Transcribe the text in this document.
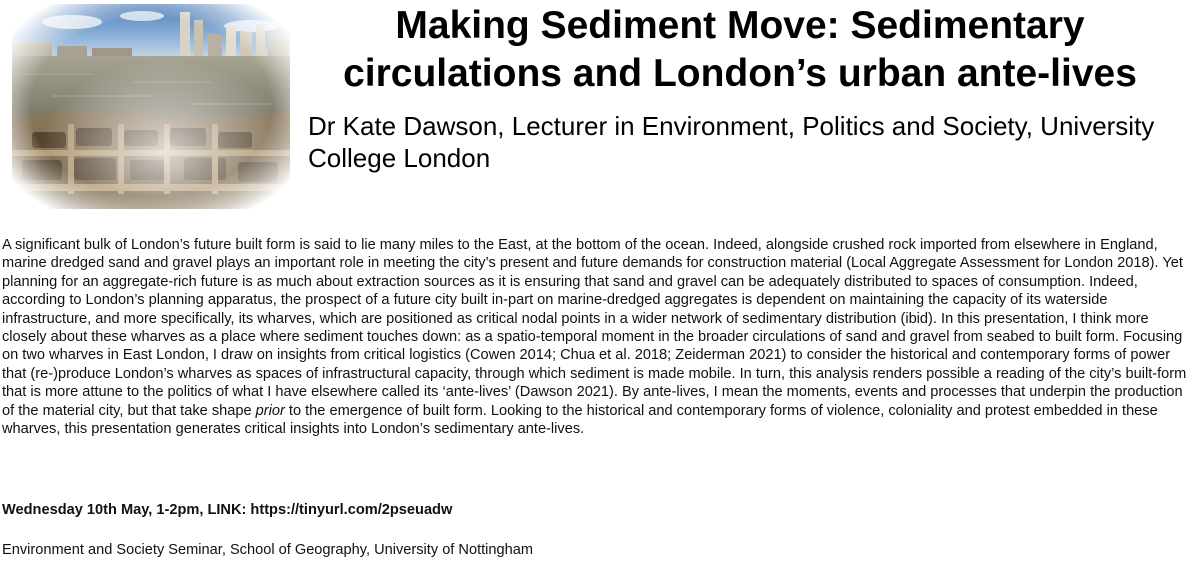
Making Sediment Move: Sedimentary circulations and London’s urban ante-lives

Dr Kate Dawson, Lecturer in Environment, Politics and Society, University College London

A significant bulk of London’s future built form is said to lie many miles to the East, at the bottom of the ocean. Indeed, alongside crushed rock imported from elsewhere in England, marine dredged sand and gravel plays an important role in meeting the city’s present and future demands for construction material (Local Aggregate Assessment for London 2018). Yet planning for an aggregate-rich future is as much about extraction sources as it is ensuring that sand and gravel can be adequately distributed to spaces of consumption. Indeed, according to London’s planning apparatus, the prospect of a future city built in-part on marine-dredged aggregates is dependent on maintaining the capacity of its waterside infrastructure, and more specifically, its wharves, which are positioned as critical nodal points in a wider network of sedimentary distribution (ibid). In this presentation, I think more closely about these wharves as a place where sediment touches down: as a spatio-temporal moment in the broader circulations of sand and gravel from seabed to built form. Focusing on two wharves in East London, I draw on insights from critical logistics (Cowen 2014; Chua et al. 2018; Zeiderman 2021) to consider the historical and contemporary forms of power that (re-)produce London’s wharves as spaces of infrastructural capacity, through which sediment is made mobile. In turn, this analysis renders possible a reading of the city’s built-form that is more attune to the politics of what I have elsewhere called its ‘ante-lives’ (Dawson 2021). By ante-lives, I mean the moments, events and processes that underpin the production of the material city, but that take shape prior to the emergence of built form. Looking to the historical and contemporary forms of violence, coloniality and protest embedded in these wharves, this presentation generates critical insights into London’s sedimentary ante-lives.

Wednesday 10th May, 1-2pm, LINK: https://tinyurl.com/2pseuadw

Environment and Society Seminar, School of Geography, University of Nottingham
